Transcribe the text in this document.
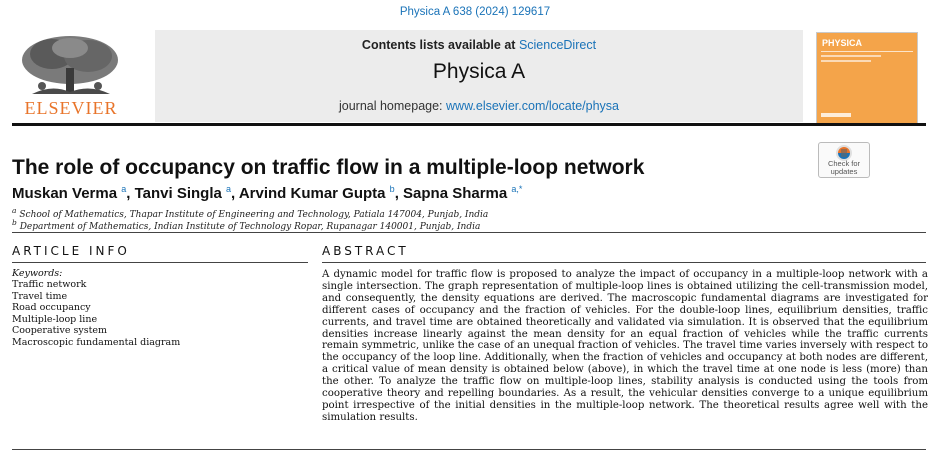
Physica A 638 (2024) 129617
Contents lists available at ScienceDirect
Physica A
journal homepage: www.elsevier.com/locate/physa
ELSEVIER
PHYSICA
The role of occupancy on traffic flow in a multiple-loop network	Check for
updates
Muskan Verma $^a$, Tanvi Singla $^a$, Arvind Kumar Gupta $^b$, Sapna Sharma $^{a,*}$
$^a$ School of Mathematics, Thapar Institute of Engineering and Technology, Patiala 147004, Punjab, India
$^b$ Department of Mathematics, Indian Institute of Technology Ropar, Rupanagar 140001, Punjab, India
ARTICLE INFO	ABSTRACT
Keywords:
Traffic network
Travel time
Road occupancy
Multiple-loop line
Cooperative system
Macroscopic fundamental diagram
A dynamic model for traffic flow is proposed to analyze the impact of occupancy in a multiple-loop network with a single intersection. The graph representation of multiple-loop lines is obtained utilizing the cell-transmission model, and consequently, the density equations are derived. The macroscopic fundamental diagrams are investigated for different cases of occupancy and the fraction of vehicles. For the double-loop lines, equilibrium densities, traffic currents, and travel time are obtained theoretically and validated via simulation. It is observed that the equilibrium densities increase linearly against the mean density for an equal fraction of vehicles while the traffic currents remain symmetric, unlike the case of an unequal fraction of vehicles. The travel time varies inversely with respect to the occupancy of the loop line. Additionally, when the fraction of vehicles and occupancy at both nodes are different, a critical value of mean density is obtained below (above), in which the travel time at one node is less (more) than the other. To analyze the traffic flow on multiple-loop lines, stability analysis is conducted using the tools from cooperative theory and repelling boundaries. As a result, the vehicular densities converge to a unique equilibrium point irrespective of the initial densities in the multiple-loop network. The theoretical results agree well with the simulation results.
